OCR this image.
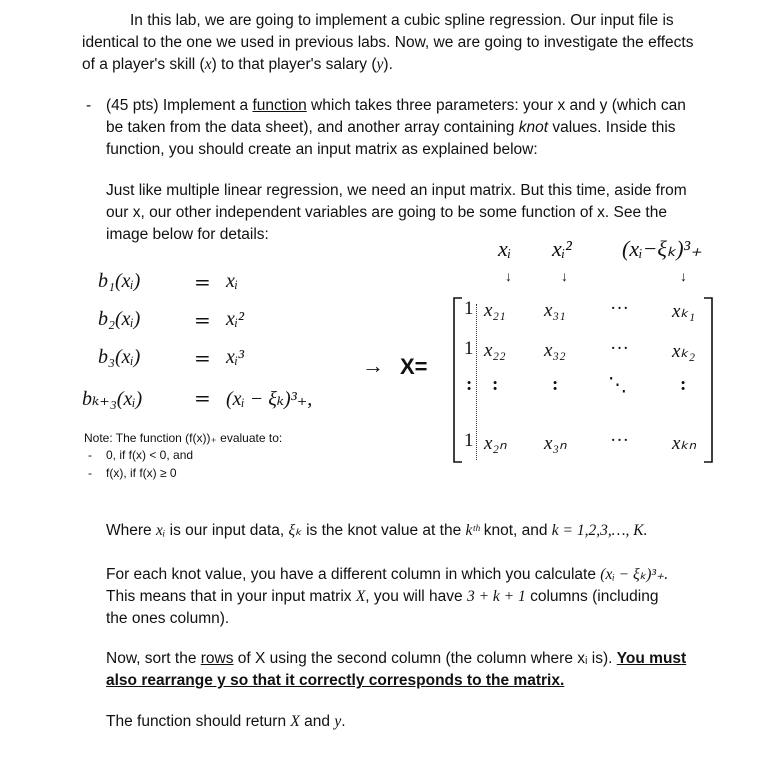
In this lab, we are going to implement a cubic spline regression. Our input file is
identical to the one we used in previous labs. Now, we are going to investigate the effects
of a player's skill (x) to that player's salary (y).
- (45 pts) Implement a function which takes three parameters: your x and y (which can
be taken from the data sheet), and another array containing knot values. Inside this
function, you should create an input matrix as explained below:
Just like multiple linear regression, we need an input matrix. But this time, aside from
our x, our other independent variables are going to be some function of x. See the
image below for details:
b₁(xᵢ)	= xᵢ
b₂(xᵢ)	= xᵢ²
b₃(xᵢ)	= xᵢ³
bₖ₊₃(xᵢ)	= (xᵢ − ξₖ)³₊,
xᵢ xᵢ² (xᵢ−ξₖ)³₊
↓	↓	↓
→ X=
1 x₂₁ x₃₁ ··· xₖ₁
1 x₂₂ x₃₂ ··· xₖ₂
: :	:	⋱	:
1 x₂ₙ x₃ₙ ··· xₖₙ
Note: The function (f(x))₊ evaluate to:
- 0, if f(x) < 0, and
- f(x), if f(x) ≥ 0
Where xᵢ is our input data, ξₖ is the knot value at the kᵗʰ knot, and k = 1,2,3,…, K.
For each knot value, you have a different column in which you calculate (xᵢ − ξₖ)³₊.
This means that in your input matrix X, you will have 3 + k + 1 columns (including
the ones column).
Now, sort the rows of X using the second column (the column where xᵢ is). You must
also rearrange y so that it correctly corresponds to the matrix.
The function should return X and y.
